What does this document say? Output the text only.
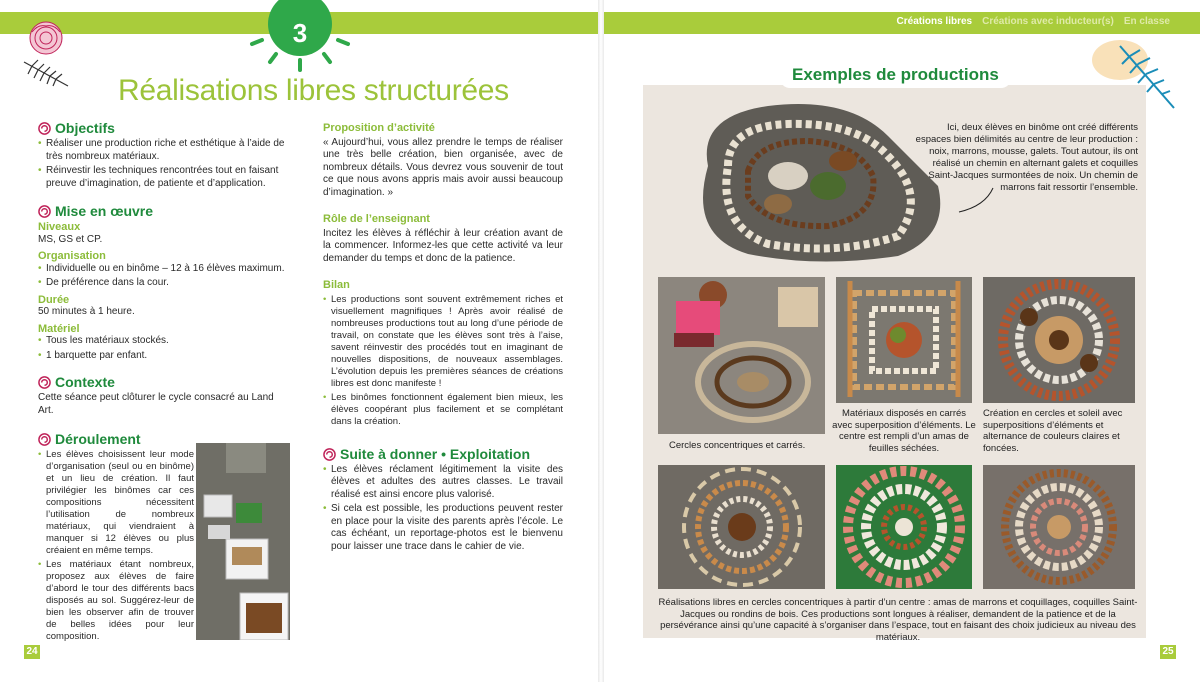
Créations libres Créations avec inducteur(s) En classe
3
Réalisations libres structurées
Objectifs
• Réaliser une production riche et esthétique à l’aide de très nombreux matériaux.
• Réinvestir les techniques rencontrées tout en faisant preuve d’imagination, de patiente et d’application.
Mise en œuvre
Niveaux
MS, GS et CP.
Organisation
• Individuelle ou en binôme – 12 à 16 élèves maximum.
• De préférence dans la cour.
Durée
50 minutes à 1 heure.
Matériel
• Tous les matériaux stockés.
• 1 barquette par enfant.
Contexte
Cette séance peut clôturer le cycle consacré au Land Art.
Déroulement
• Les élèves choisissent leur mode d’organisation (seul ou en binôme) et un lieu de création. Il faut privilégier les binômes car ces compositions nécessitent l’utilisation de nombreux matériaux, qui viendraient à manquer si 12 élèves ou plus créaient en même temps.
• Les matériaux étant nombreux, proposez aux élèves de faire d’abord le tour des différents bacs disposés au sol. Suggérez-leur de bien les observer afin de trouver de belles idées pour leur composition.
Proposition d’activité
« Aujourd’hui, vous allez prendre le temps de réaliser une très belle création, bien organisée, avec de nombreux détails. Vous devrez vous souvenir de tout ce que nous avons appris mais avoir aussi beaucoup d’imagination. »
Rôle de l’enseignant
Incitez les élèves à réfléchir à leur création avant de la commencer. Informez-les que cette activité va leur demander du temps et donc de la patience.
Bilan
• Les productions sont souvent extrêmement riches et visuellement magnifiques ! Après avoir réalisé de nombreuses productions tout au long d’une période de travail, on constate que les élèves sont très à l’aise, savent réinvestir des procédés tout en imaginant de nouvelles dispositions, de nouveaux assemblages. L’évolution depuis les premières séances de créations libres est donc manifeste !
• Les binômes fonctionnent également bien mieux, les élèves coopérant plus facilement et se complétant dans la création.
Suite à donner • Exploitation
• Les élèves réclament légitimement la visite des élèves et adultes des autres classes. Le travail réalisé est ainsi encore plus valorisé.
• Si cela est possible, les productions peuvent rester en place pour la visite des parents après l’école. Le cas échéant, un reportage-photos est le bienvenu pour laisser une trace dans le cahier de vie.
24
Exemples de productions
Ici, deux élèves en binôme ont créé différents espaces bien délimités au centre de leur production : noix, marrons, mousse, galets. Tout autour, ils ont réalisé un chemin en alternant galets et coquilles Saint-Jacques surmontées de noix. Un chemin de marrons fait ressortir l’ensemble.
Cercles concentriques et carrés.
Matériaux disposés en carrés avec superposition d’éléments. Le centre est rempli d’un amas de feuilles séchées.
Création en cercles et soleil avec superpositions d’éléments et alternance de couleurs claires et foncées.
Réalisations libres en cercles concentriques à partir d’un centre : amas de marrons et coquillages, coquilles Saint-Jacques ou rondins de bois. Ces productions sont longues à réaliser, demandent de la patience et de la persévérance ainsi qu’une capacité à s’organiser dans l’espace, tout en faisant des choix judicieux au niveau des matériaux.
25
